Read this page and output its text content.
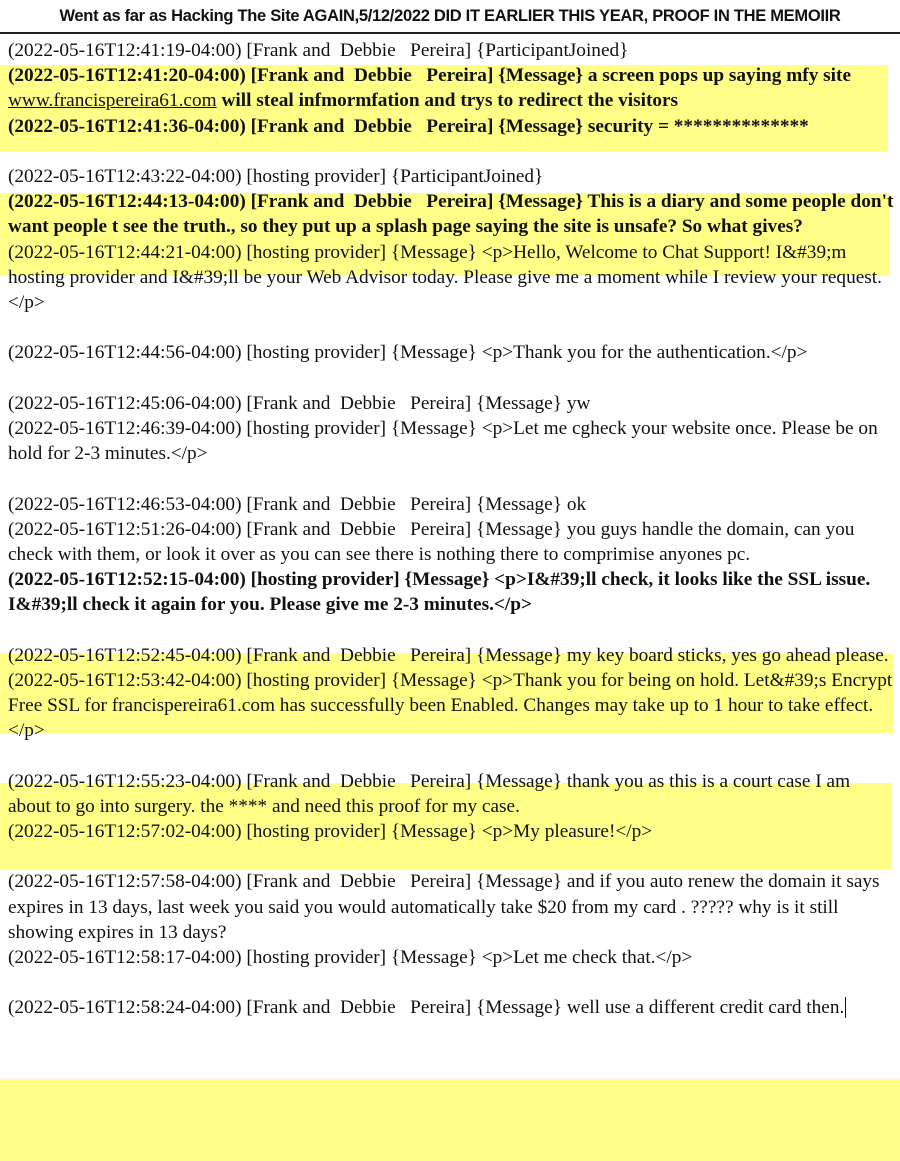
Went as far as Hacking The Site AGAIN,5/12/2022 DID IT EARLIER THIS YEAR, PROOF IN THE MEMOIIR

(2022-05-16T12:41:19-04:00) [Frank and  Debbie   Pereira] {ParticipantJoined}

(2022-05-16T12:41:20-04:00) [Frank and  Debbie   Pereira] {Message} a screen pops up saying mfy site www.francispereira61.com will steal infmormfation and trys to redirect the visitors

(2022-05-16T12:41:36-04:00) [Frank and  Debbie   Pereira] {Message} security = **************

(2022-05-16T12:43:22-04:00) [hosting provider] {ParticipantJoined}

(2022-05-16T12:44:13-04:00) [Frank and  Debbie   Pereira] {Message} This is a diary and some people don't want people t see the truth., so they put up a splash page saying the site is unsafe? So what gives?

(2022-05-16T12:44:21-04:00) [hosting provider] {Message} <p>Hello, Welcome to Chat Support! I&#39;m hosting provider and I&#39;ll be your Web Advisor today. Please give me a moment while I review your request. </p>

(2022-05-16T12:44:56-04:00) [hosting provider] {Message} <p>Thank you for the authentication.</p>

(2022-05-16T12:45:06-04:00) [Frank and  Debbie   Pereira] {Message} yw

(2022-05-16T12:46:39-04:00) [hosting provider] {Message} <p>Let me cgheck your website once. Please be on hold for 2-3 minutes.</p>

(2022-05-16T12:46:53-04:00) [Frank and  Debbie   Pereira] {Message} ok

(2022-05-16T12:51:26-04:00) [Frank and  Debbie   Pereira] {Message} you guys handle the domain, can you check with them, or look it over as you can see there is nothing there to comprimise anyones pc.

(2022-05-16T12:52:15-04:00) [hosting provider] {Message} <p>I&#39;ll check, it looks like the SSL issue. I&#39;ll check it again for you. Please give me 2-3 minutes.</p>

(2022-05-16T12:52:45-04:00) [Frank and  Debbie   Pereira] {Message} my key board sticks, yes go ahead please.

(2022-05-16T12:53:42-04:00) [hosting provider] {Message} <p>Thank you for being on hold. Let&#39;s Encrypt Free SSL for francispereira61.com has successfully been Enabled. Changes may take up to 1 hour to take effect.</p>

(2022-05-16T12:55:23-04:00) [Frank and  Debbie   Pereira] {Message} thank you as this is a court case I am about to go into surgery. the **** and need this proof for my case.

(2022-05-16T12:57:02-04:00) [hosting provider] {Message} <p>My pleasure!</p>

(2022-05-16T12:57:58-04:00) [Frank and  Debbie   Pereira] {Message} and if you auto renew the domain it says expires in 13 days, last week you said you would automatically take $20 from my card . ????? why is it still showing expires in 13 days?

(2022-05-16T12:58:17-04:00) [hosting provider] {Message} <p>Let me check that.</p>

(2022-05-16T12:58:24-04:00) [Frank and  Debbie   Pereira] {Message} well use a different credit card then.
